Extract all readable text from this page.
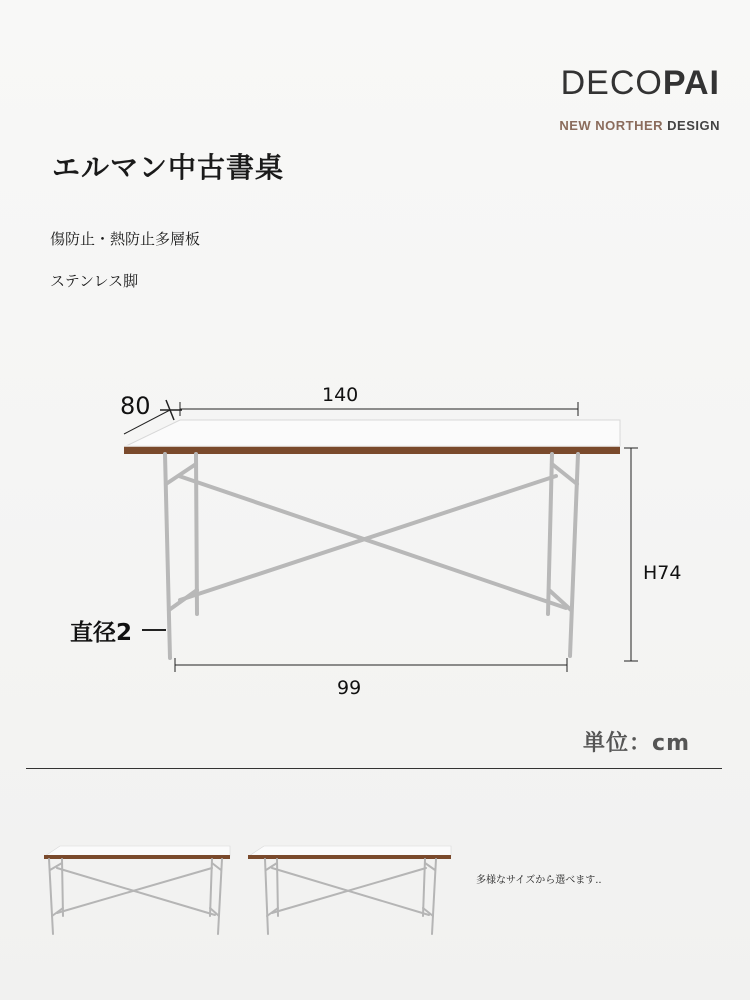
DECOPAI
NEW NORTHER DESIGN
エルマン中古書桌
傷防止・熱防止多層板
ステンレス脚
80	140
H74
直径2
99
単位：cm
多様なサイズから選べます..
